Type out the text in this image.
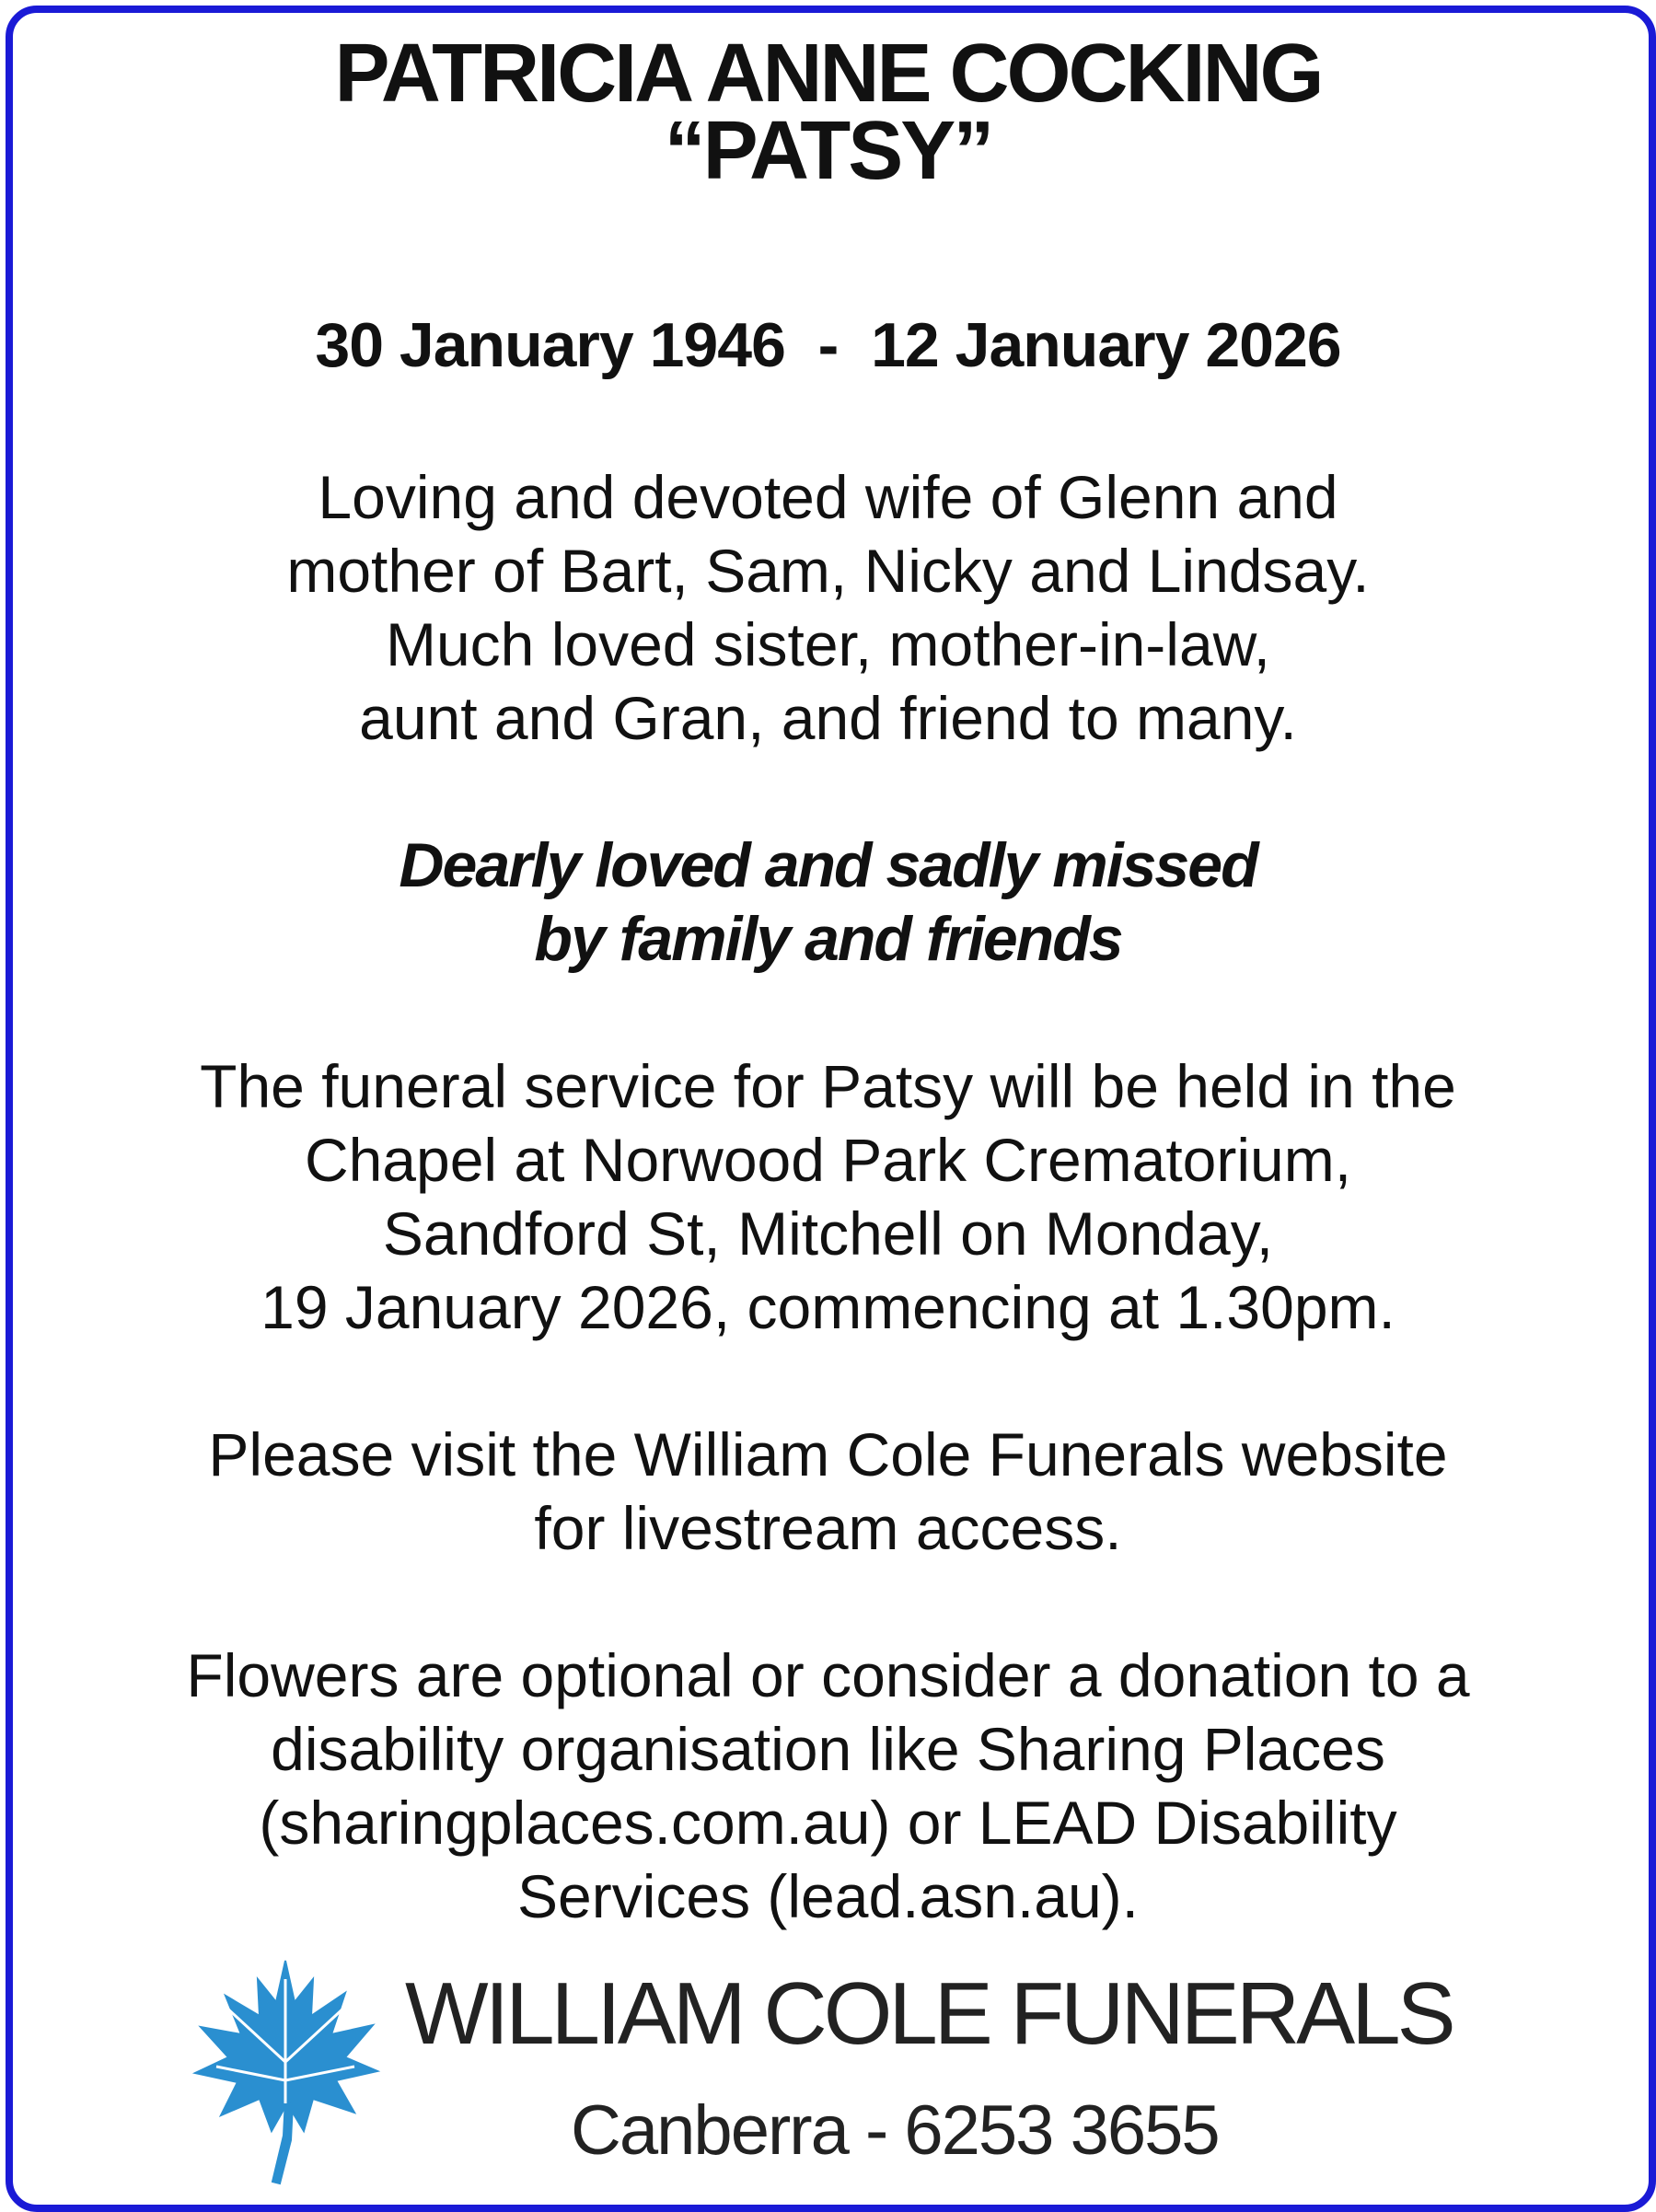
PATRICIA ANNE COCKING
“PATSY”
30 January 1946  -  12 January 2026
Loving and devoted wife of Glenn and
mother of Bart, Sam, Nicky and Lindsay.
Much loved sister, mother-in-law,
aunt and Gran, and friend to many.
Dearly loved and sadly missed
by family and friends
The funeral service for Patsy will be held in the
Chapel at Norwood Park Crematorium,
Sandford St, Mitchell on Monday,
19 January 2026, commencing at 1.30pm.
Please visit the William Cole Funerals website
for livestream access.
Flowers are optional or consider a donation to a
disability organisation like Sharing Places
(sharingplaces.com.au) or LEAD Disability
Services (lead.asn.au).
WILLIAM COLE FUNERALS
Canberra - 6253 3655
